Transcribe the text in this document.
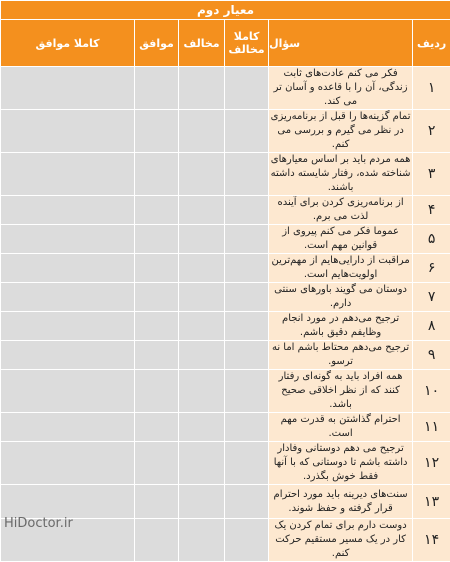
معیار دوم					
ردیف	سؤال	کاملا مخالف	مخالف	موافق	کاملا موافق
۱	فکر می کنم عادت‌های ثابت زندگی، آن را با قاعده و آسان تر می کند.				
۲	تمام گزینه‌ها را قبل از برنامه‌ریزی در نظر می گیرم و بررسی می کنم.				
۳	همه مردم باید بر اساس معیارهای شناخته شده، رفتار شایسته داشته باشند.				
۴	از برنامه‌ریزی کردن برای آینده لذت می برم.				
۵	عموما فکر می کنم پیروی از قوانین مهم است.				
۶	مراقبت از دارایی‌هایم از مهم‌ترین اولویت‌هایم است.				
۷	دوستان می گویند باورهای سنتی دارم.				
۸	ترجیح می‌دهم در مورد انجام وظایفم دقیق باشم.				
۹	ترجیح می‌دهم محتاط باشم اما نه ترسو.				
۱۰	همه افراد باید به گونه‌ای رفتار کنند که از نظر اخلاقی صحیح باشد.				
۱۱	احترام گذاشتن به قدرت مهم است.				
۱۲	ترجیح می دهم دوستانی وفادار داشته باشم تا دوستانی که با آنها فقط خوش بگذرد.				
۱۳	سنت‌های دیرینه باید مورد احترام قرار گرفته و حفظ شوند.				
۱۴	دوست دارم برای تمام کردن یک کار در یک مسیر مستقیم حرکت کنم.				
HiDoctor.ir
